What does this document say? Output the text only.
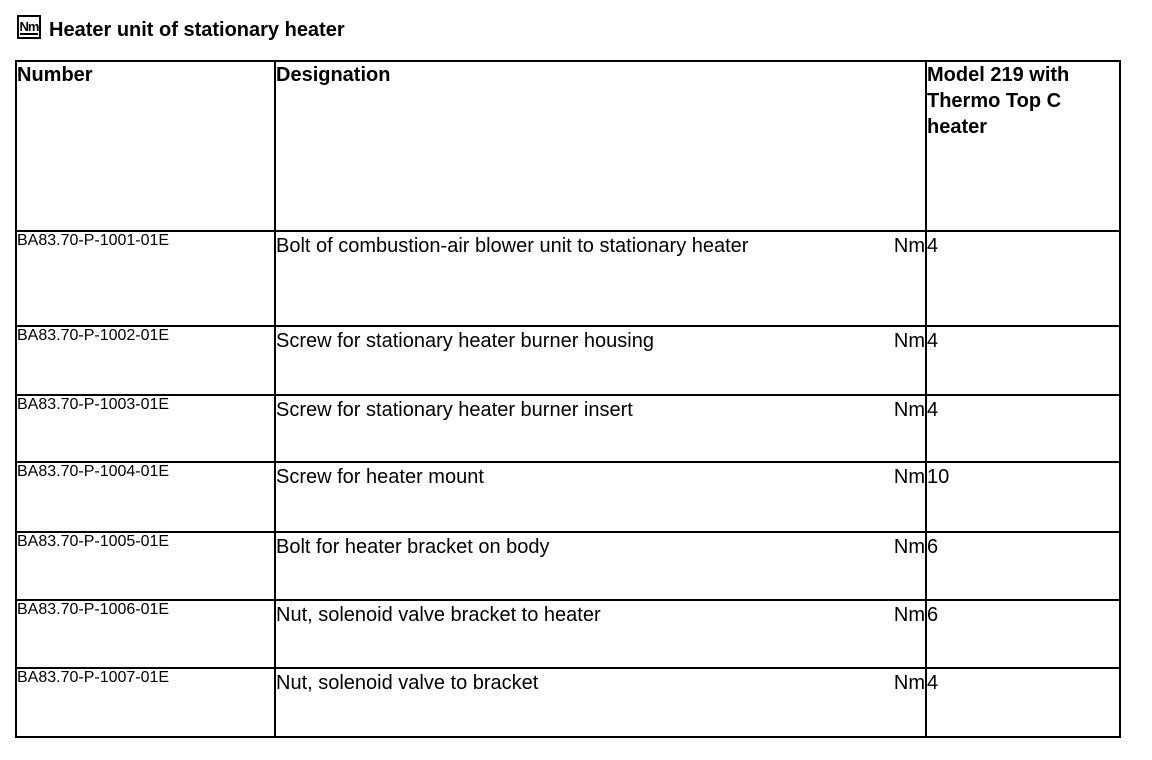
Nm Heater unit of stationary heater
Number	Designation	Model 219 with Thermo Top C heater
BA83.70-P-1001-01E	Bolt of combustion-air blower unit to stationary heater Nm	4
BA83.70-P-1002-01E	Screw for stationary heater burner housing Nm	4
BA83.70-P-1003-01E	Screw for stationary heater burner insert Nm	4
BA83.70-P-1004-01E	Screw for heater mount Nm	10
BA83.70-P-1005-01E	Bolt for heater bracket on body Nm	6
BA83.70-P-1006-01E	Nut, solenoid valve bracket to heater Nm	6
BA83.70-P-1007-01E	Nut, solenoid valve to bracket Nm	4
